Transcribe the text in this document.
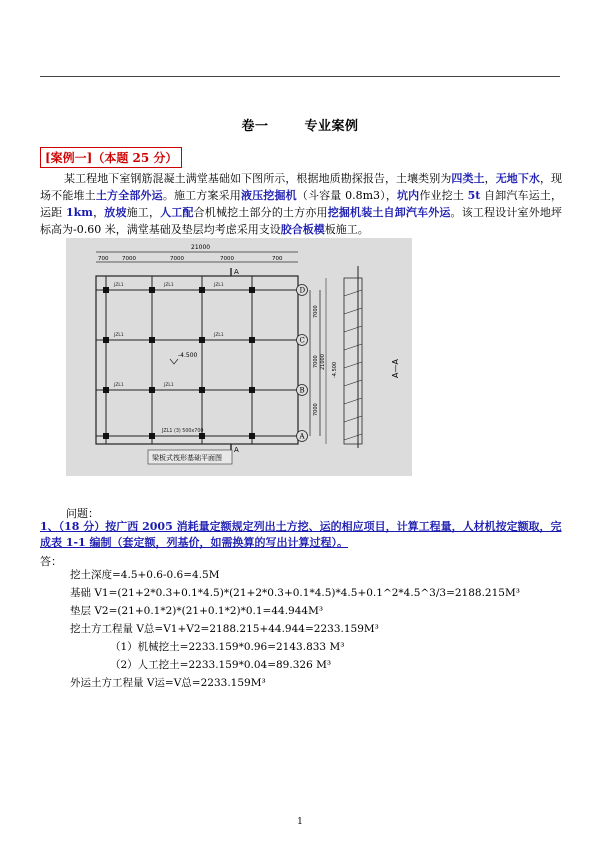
卷一	专业案例
[案例一]（本题 25 分）
某工程地下室钢筋混凝土满堂基础如下图所示，根据地质勘探报告，土壤类别为四类土，无地下水，现场不能堆土土方全部外运。施工方案采用液压挖掘机（斗容量 0.8m3），坑内作业挖土 5t 自卸汽车运土，运距 1km，放坡施工，人工配合机械挖土部分的土方亦用挖掘机装土自卸汽车外运。该工程设计室外地坪标高为-0.60 米，满堂基础及垫层均考虑采用支设胶合板模板施工。
21000
700 7000	7000	7000	700
JZL1	JZL1	JZL1
JZL1	JZL1
JZL1	JZL1
JZL1 (3) 500x700
-4.500
A
A
7000
7000
7000
21000
D
C
B
A
梁板式筏形基础平面图
-4.500	A—A
问题：
1、（18 分）按广西 2005 消耗量定额规定列出土方挖、运的相应项目，计算工程量，人材机按定额取，完成表 1-1 编制（套定额，列基价，如需换算的写出计算过程）。
答：
挖土深度=4.5+0.6-0.6=4.5M
基础 V1=(21+2*0.3+0.1*4.5)*(21+2*0.3+0.1*4.5)*4.5+0.1^2*4.5^3/3=2188.215M³
垫层 V2=(21+0.1*2)*(21+0.1*2)*0.1=44.944M³
挖土方工程量 V总=V1+V2=2188.215+44.944=2233.159M³
（1）机械挖土=2233.159*0.96=2143.833 M³
（2）人工挖土=2233.159*0.04=89.326 M³
外运土方工程量 V运=V总=2233.159M³
1
